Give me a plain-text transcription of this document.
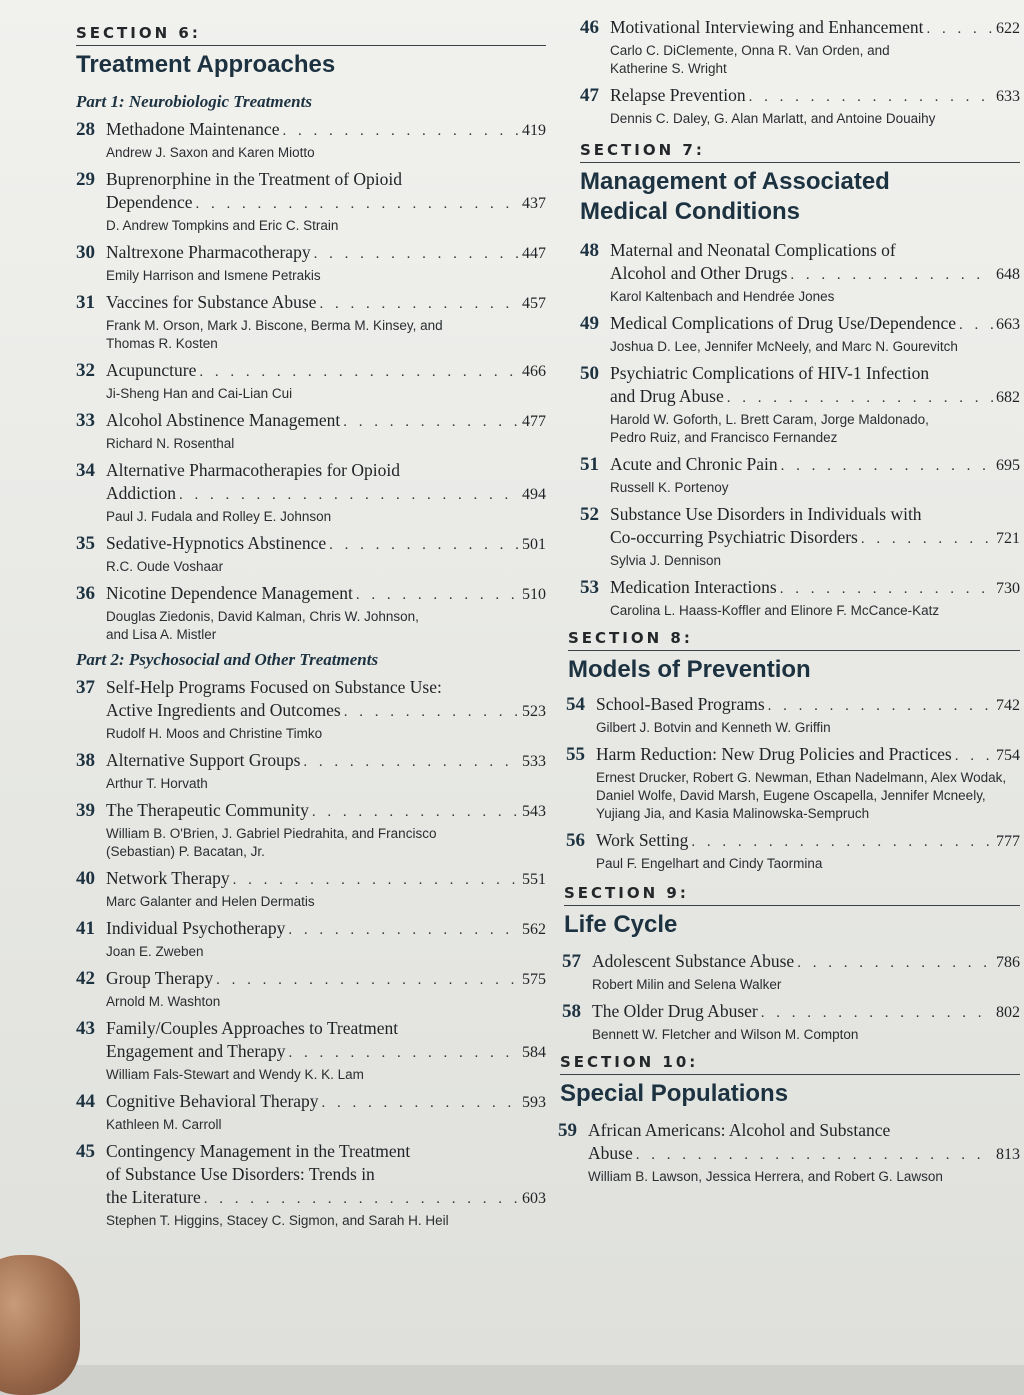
SECTION 6:
Treatment Approaches
Part 1: Neurobiologic Treatments
28 Methadone Maintenance . . .	419
Andrew J. Saxon and Karen Miotto
29 Buprenorphine in the Treatment of Opioid
Dependence . . .	437
D. Andrew Tompkins and Eric C. Strain
30 Naltrexone Pharmacotherapy . . .	447
Emily Harrison and Ismene Petrakis
31 Vaccines for Substance Abuse . . .	457
Frank M. Orson, Mark J. Biscone, Berma M. Kinsey, and
Thomas R. Kosten
32 Acupuncture . . .	466
Ji-Sheng Han and Cai-Lian Cui
33 Alcohol Abstinence Management . . .	477
Richard N. Rosenthal
34 Alternative Pharmacotherapies for Opioid
Addiction . . .	494
Paul J. Fudala and Rolley E. Johnson
35 Sedative-Hypnotics Abstinence . . .	501
R.C. Oude Voshaar
36 Nicotine Dependence Management . . .	510
Douglas Ziedonis, David Kalman, Chris W. Johnson,
and Lisa A. Mistler
Part 2: Psychosocial and Other Treatments
37 Self-Help Programs Focused on Substance Use:
Active Ingredients and Outcomes . . .	523
Rudolf H. Moos and Christine Timko
38 Alternative Support Groups . . .	533
Arthur T. Horvath
39 The Therapeutic Community . . .	543
William B. O'Brien, J. Gabriel Piedrahita, and Francisco
(Sebastian) P. Bacatan, Jr.
40 Network Therapy . . .	551
Marc Galanter and Helen Dermatis
41 Individual Psychotherapy . . .	562
Joan E. Zweben
42 Group Therapy . . .	575
Arnold M. Washton
43 Family/Couples Approaches to Treatment
Engagement and Therapy . . .	584
William Fals-Stewart and Wendy K. K. Lam
44 Cognitive Behavioral Therapy . . .	593
Kathleen M. Carroll
45 Contingency Management in the Treatment
of Substance Use Disorders: Trends in
the Literature . . .	603
Stephen T. Higgins, Stacey C. Sigmon, and Sarah H. Heil
46 Motivational Interviewing and Enhancement . . .	622
Carlo C. DiClemente, Onna R. Van Orden, and
Katherine S. Wright
47 Relapse Prevention . . .	633
Dennis C. Daley, G. Alan Marlatt, and Antoine Douaihy
SECTION 7:
Management of Associated
Medical Conditions
48 Maternal and Neonatal Complications of
Alcohol and Other Drugs . . .	648
Karol Kaltenbach and Hendrée Jones
49 Medical Complications of Drug Use/Dependence . . . 663
Joshua D. Lee, Jennifer McNeely, and Marc N. Gourevitch
50 Psychiatric Complications of HIV-1 Infection
and Drug Abuse . . .	682
Harold W. Goforth, L. Brett Caram, Jorge Maldonado,
Pedro Ruiz, and Francisco Fernandez
51 Acute and Chronic Pain . . .	695
Russell K. Portenoy
52 Substance Use Disorders in Individuals with
Co-occurring Psychiatric Disorders . . .	721
Sylvia J. Dennison
53 Medication Interactions . . .	730
Carolina L. Haass-Koffler and Elinore F. McCance-Katz
SECTION 8:
Models of Prevention
54 School-Based Programs . . .	742
Gilbert J. Botvin and Kenneth W. Griffin
55 Harm Reduction: New Drug Policies and Practices . . .	754
Ernest Drucker, Robert G. Newman, Ethan Nadelmann, Alex Wodak,
Daniel Wolfe, David Marsh, Eugene Oscapella, Jennifer Mcneely,
Yujiang Jia, and Kasia Malinowska-Sempruch
56 Work Setting . . .	777
Paul F. Engelhart and Cindy Taormina
SECTION 9:
Life Cycle
57 Adolescent Substance Abuse . . .	786
Robert Milin and Selena Walker
58 The Older Drug Abuser . . .	802
Bennett W. Fletcher and Wilson M. Compton
SECTION 10:
Special Populations
59 African Americans: Alcohol and Substance
Abuse . . .	813
William B. Lawson, Jessica Herrera, and Robert G. Lawson
